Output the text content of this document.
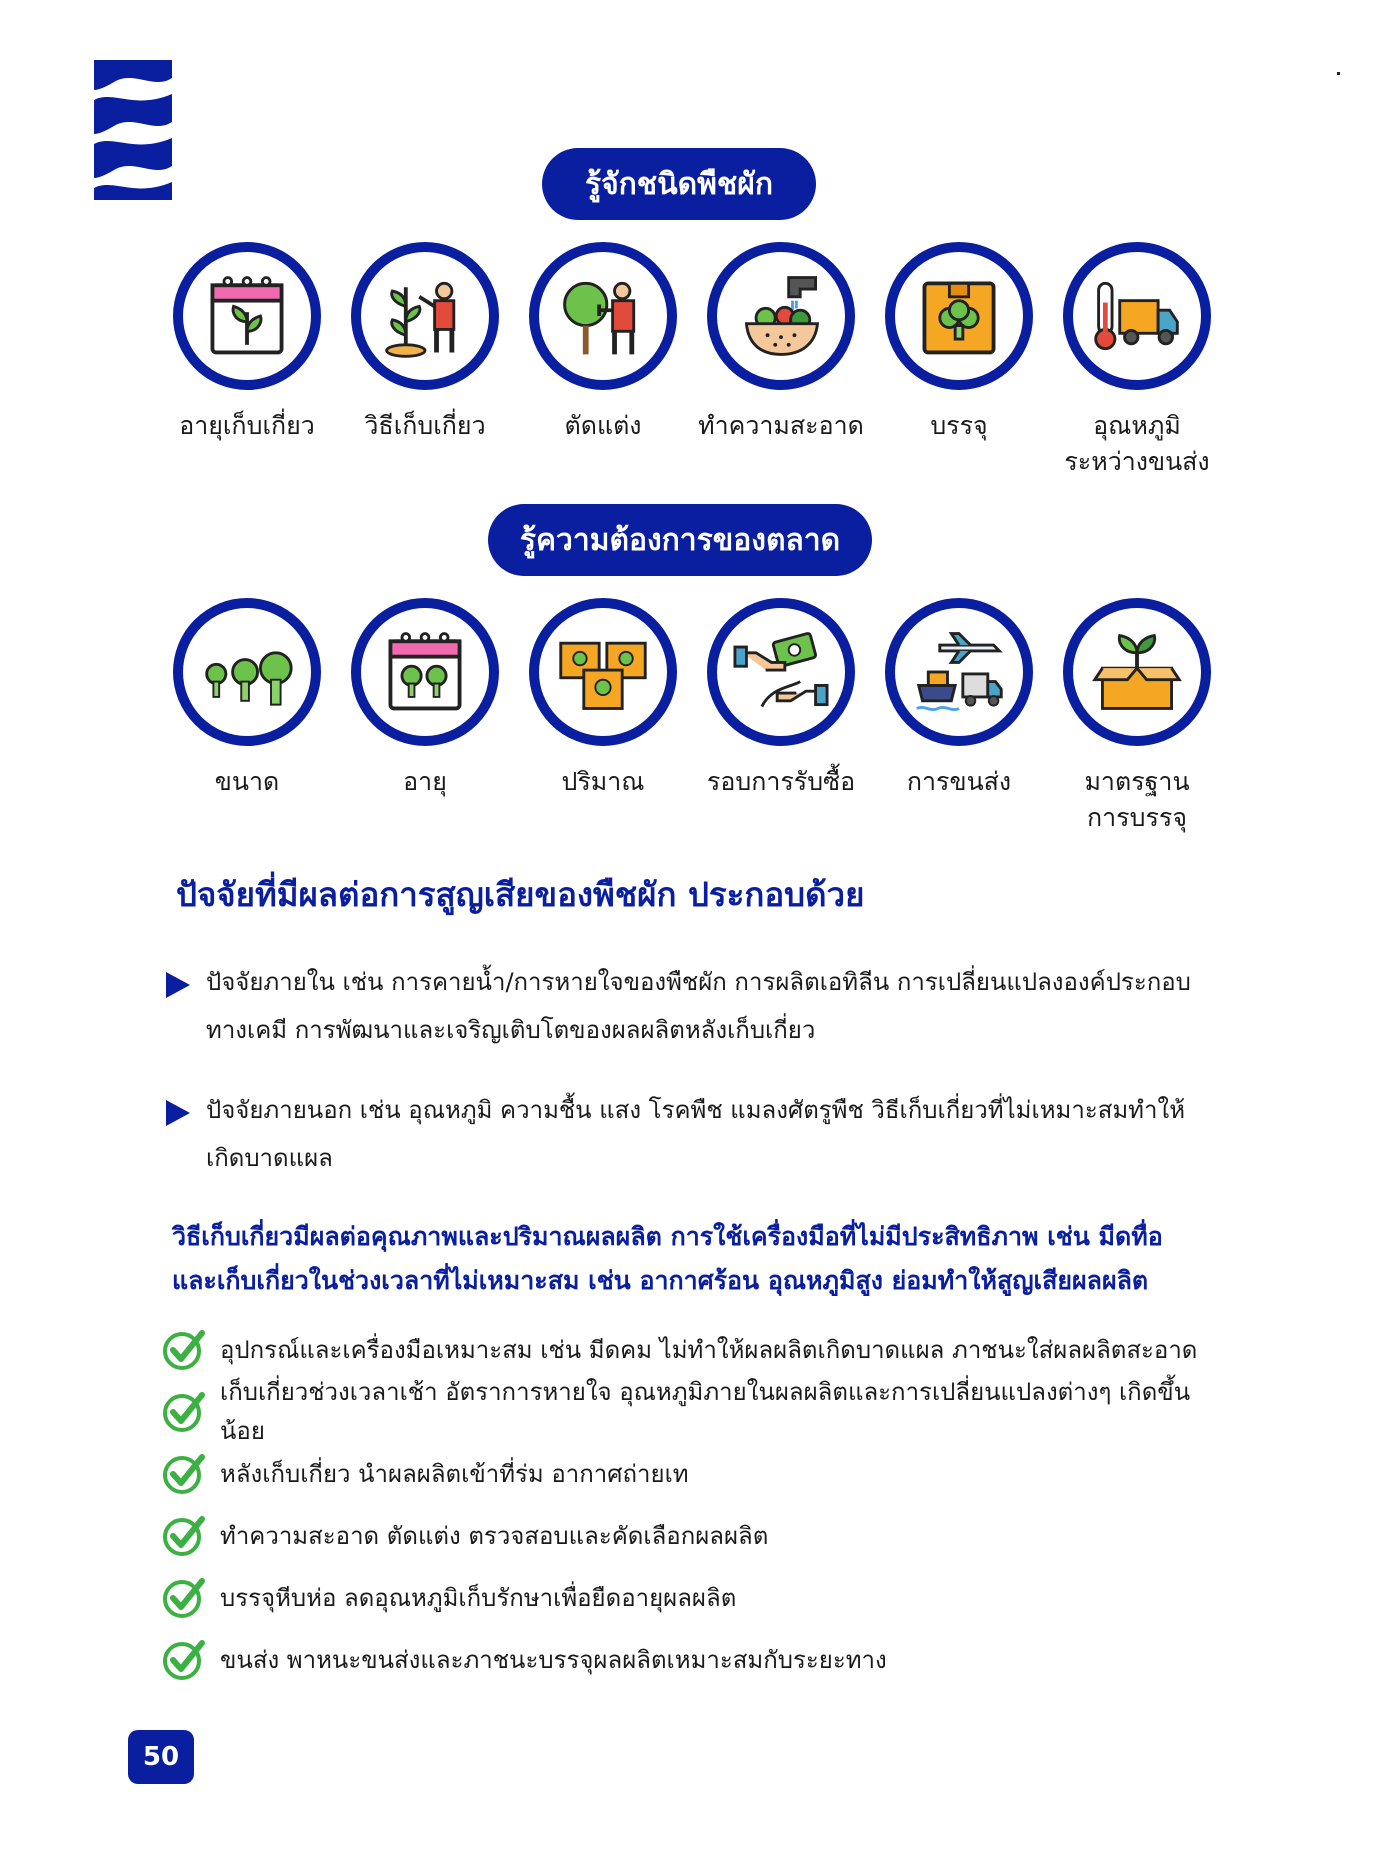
รู้จักชนิดพืชผัก
อายุเก็บเกี่ยว	วิธีเก็บเกี่ยว	ตัดแต่ง	ทำความสะอาด	บรรจุ	อุณหภูมิ
ระหว่างขนส่ง
รู้ความต้องการของตลาด
ขนาด	อายุ	ปริมาณ	รอบการรับซื้อ	การขนส่ง	มาตรฐาน
การบรรจุ
ปัจจัยที่มีผลต่อการสูญเสียของพืชผัก ประกอบด้วย
ปัจจัยภายใน เช่น การคายน้ำ/การหายใจของพืชผัก การผลิตเอทิลีน การเปลี่ยนแปลงองค์ประกอบ
ทางเคมี การพัฒนาและเจริญเติบโตของผลผลิตหลังเก็บเกี่ยว
ปัจจัยภายนอก เช่น อุณหภูมิ ความชื้น แสง โรคพืช แมลงศัตรูพืช วิธีเก็บเกี่ยวที่ไม่เหมาะสมทำให้
เกิดบาดแผล
วิธีเก็บเกี่ยวมีผลต่อคุณภาพและปริมาณผลผลิต การใช้เครื่องมือที่ไม่มีประสิทธิภาพ เช่น มีดทื่อ
และเก็บเกี่ยวในช่วงเวลาที่ไม่เหมาะสม เช่น อากาศร้อน อุณหภูมิสูง ย่อมทำให้สูญเสียผลผลิต
อุปกรณ์และเครื่องมือเหมาะสม เช่น มีดคม ไม่ทำให้ผลผลิตเกิดบาดแผล ภาชนะใส่ผลผลิตสะอาด
เก็บเกี่ยวช่วงเวลาเช้า อัตราการหายใจ อุณหภูมิภายในผลผลิตและการเปลี่ยนแปลงต่างๆ เกิดขึ้นน้อย
หลังเก็บเกี่ยว นำผลผลิตเข้าที่ร่ม อากาศถ่ายเท
ทำความสะอาด ตัดแต่ง ตรวจสอบและคัดเลือกผลผลิต
บรรจุหีบห่อ ลดอุณหภูมิเก็บรักษาเพื่อยืดอายุผลผลิต
ขนส่ง พาหนะขนส่งและภาชนะบรรจุผลผลิตเหมาะสมกับระยะทาง
50
